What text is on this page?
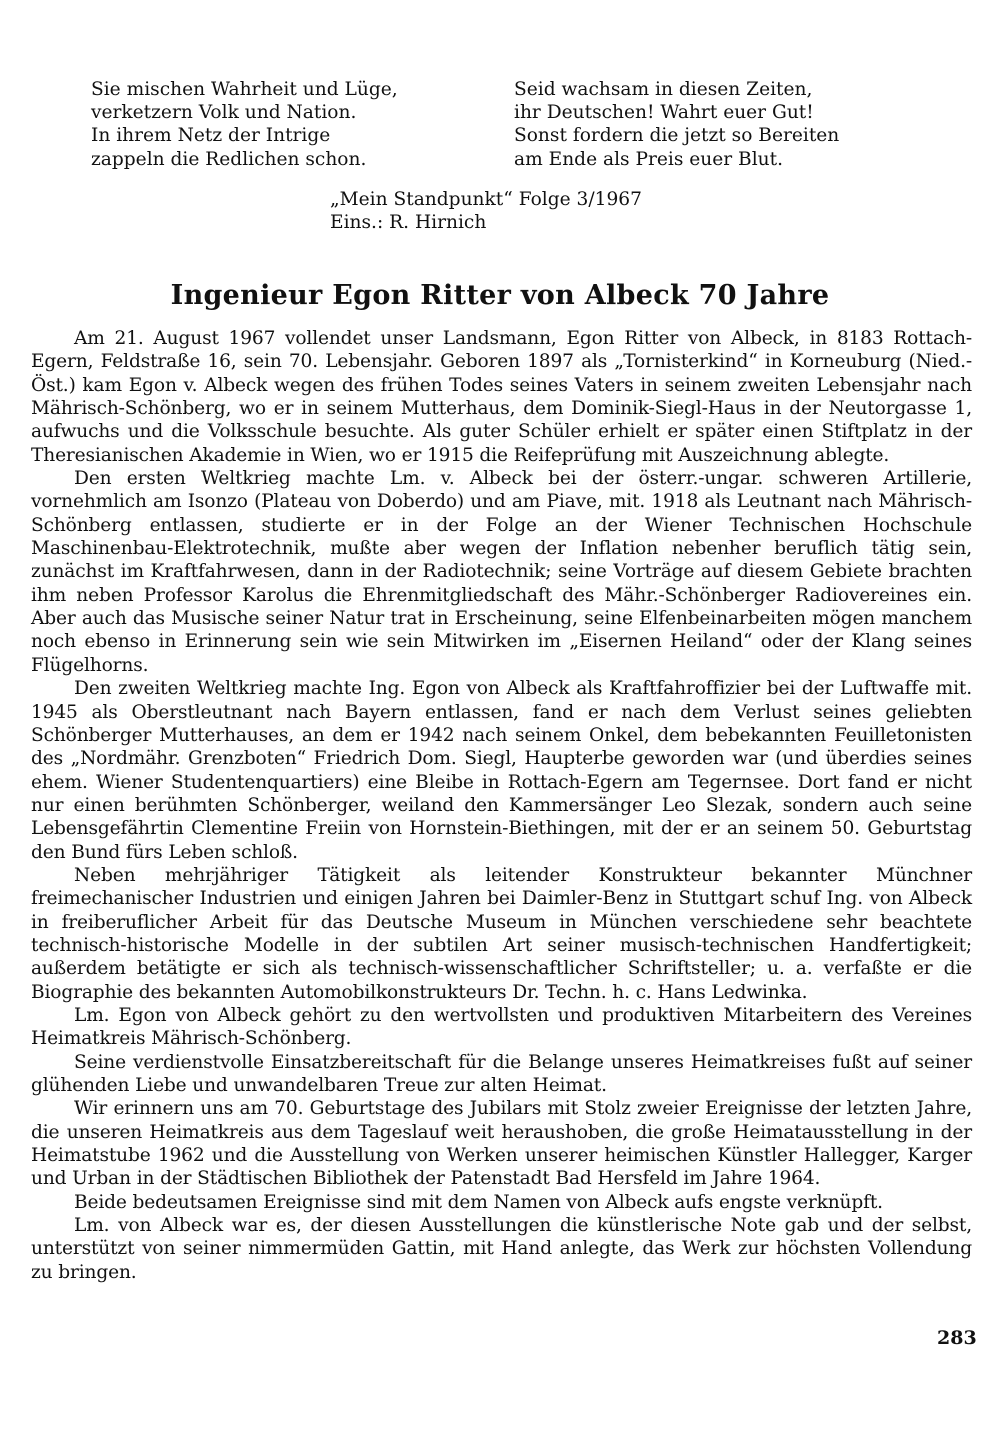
Sie mischen Wahrheit und Lüge,
verketzern Volk und Nation.
In ihrem Netz der Intrige
zappeln die Redlichen schon.
Seid wachsam in diesen Zeiten,
ihr Deutschen! Wahrt euer Gut!
Sonst fordern die jetzt so Bereiten
am Ende als Preis euer Blut.
„Mein Standpunkt“ Folge 3/1967
Eins.: R. Hirnich
Ingenieur Egon Ritter von Albeck 70 Jahre

Am 21. August 1967 vollendet unser Landsmann, Egon Ritter von Albeck, in 8183 Rottach-Egern, Feldstraße 16, sein 70. Lebensjahr. Geboren 1897 als „Tornisterkind“ in Korneuburg (Nied.-Öst.) kam Egon v. Albeck wegen des frühen Todes seines Vaters in seinem zweiten Lebensjahr nach Mährisch-Schönberg, wo er in seinem Mutterhaus, dem Dominik-Siegl-Haus in der Neutorgasse 1, aufwuchs und die Volksschule besuchte. Als guter Schüler erhielt er später einen Stiftplatz in der Theresianischen Akademie in Wien, wo er 1915 die Reifeprüfung mit Auszeichnung ablegte.

Den ersten Weltkrieg machte Lm. v. Albeck bei der österr.-ungar. schweren Artillerie, vornehmlich am Isonzo (Plateau von Doberdo) und am Piave, mit. 1918 als Leutnant nach Mährisch-Schönberg entlassen, studierte er in der Folge an der Wiener Technischen Hochschule Maschinenbau-Elektrotechnik, mußte aber wegen der Inflation nebenher beruflich tätig sein, zunächst im Kraftfahrwesen, dann in der Radiotechnik; seine Vorträge auf diesem Gebiete brachten ihm neben Professor Karolus die Ehrenmitgliedschaft des Mähr.-Schönberger Radiovereines ein. Aber auch das Musische seiner Natur trat in Erscheinung, seine Elfenbeinarbeiten mögen manchem noch ebenso in Erinnerung sein wie sein Mitwirken im „Eisernen Heiland“ oder der Klang seines Flügelhorns.

Den zweiten Weltkrieg machte Ing. Egon von Albeck als Kraftfahroffizier bei der Luftwaffe mit. 1945 als Oberstleutnant nach Bayern entlassen, fand er nach dem Verlust seines geliebten Schönberger Mutterhauses, an dem er 1942 nach seinem Onkel, dem bebekannten Feuilletonisten des „Nordmähr. Grenzboten“ Friedrich Dom. Siegl, Haupterbe geworden war (und überdies seines ehem. Wiener Studentenquartiers) eine Bleibe in Rottach-Egern am Tegernsee. Dort fand er nicht nur einen berühmten Schönberger, weiland den Kammersänger Leo Slezak, sondern auch seine Lebensgefährtin Clementine Freiin von Hornstein-Biethingen, mit der er an seinem 50. Geburtstag den Bund fürs Leben schloß.

Neben mehrjähriger Tätigkeit als leitender Konstrukteur bekannter Münchner freimechanischer Industrien und einigen Jahren bei Daimler-Benz in Stuttgart schuf Ing. von Albeck in freiberuflicher Arbeit für das Deutsche Museum in München verschiedene sehr beachtete technisch-historische Modelle in der subtilen Art seiner musisch-technischen Handfertigkeit; außerdem betätigte er sich als technisch-wissenschaftlicher Schriftsteller; u. a. verfaßte er die Biographie des bekannten Automobilkonstrukteurs Dr. Techn. h. c. Hans Ledwinka.

Lm. Egon von Albeck gehört zu den wertvollsten und produktiven Mitarbeitern des Vereines Heimatkreis Mährisch-Schönberg.

Seine verdienstvolle Einsatzbereitschaft für die Belange unseres Heimatkreises fußt auf seiner glühenden Liebe und unwandelbaren Treue zur alten Heimat.

Wir erinnern uns am 70. Geburtstage des Jubilars mit Stolz zweier Ereignisse der letzten Jahre, die unseren Heimatkreis aus dem Tageslauf weit heraushoben, die große Heimatausstellung in der Heimatstube 1962 und die Ausstellung von Werken unserer heimischen Künstler Hallegger, Karger und Urban in der Städtischen Bibliothek der Patenstadt Bad Hersfeld im Jahre 1964.

Beide bedeutsamen Ereignisse sind mit dem Namen von Albeck aufs engste verknüpft.

Lm. von Albeck war es, der diesen Ausstellungen die künstlerische Note gab und der selbst, unterstützt von seiner nimmermüden Gattin, mit Hand anlegte, das Werk zur höchsten Vollendung zu bringen.

283
